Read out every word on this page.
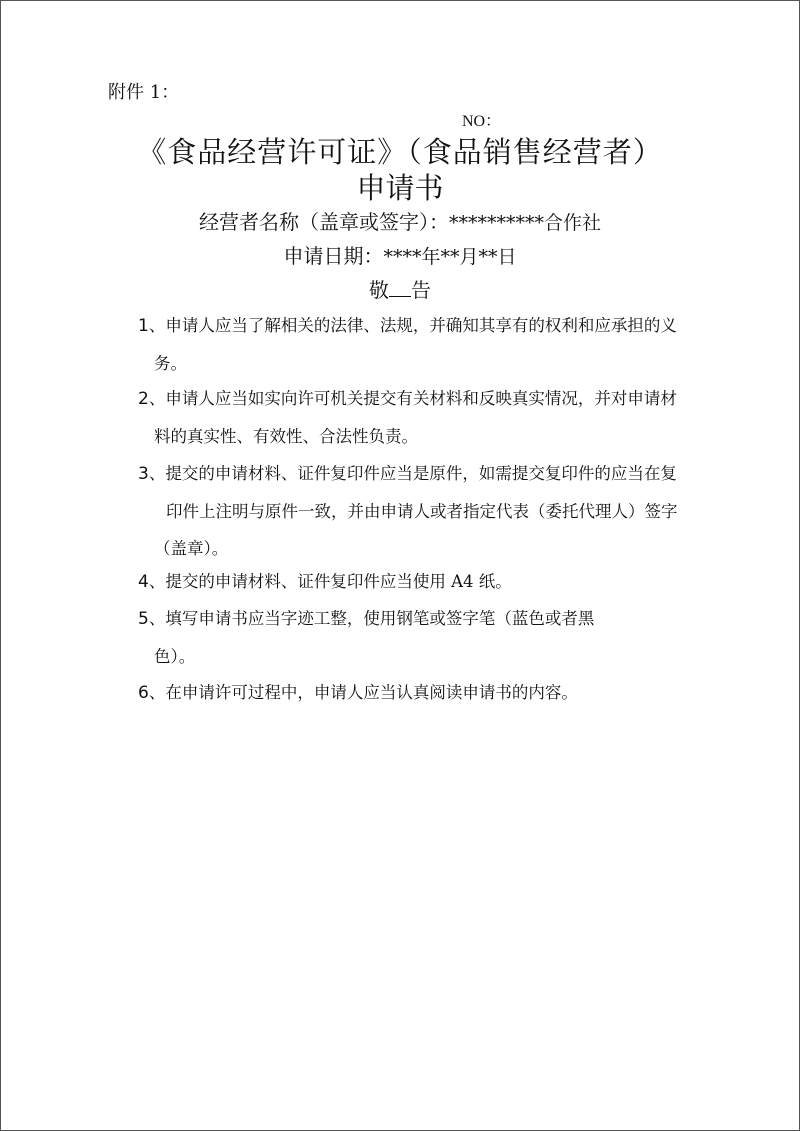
附件 1：
NO：
《食品经营许可证》（食品销售经营者）
申请书
经营者名称（盖章或签字）：**********合作社
申请日期：****年**月**日
敬 告
1、申请人应当了解相关的法律、法规，并确知其享有的权利和应承担的义
务。
2、申请人应当如实向许可机关提交有关材料和反映真实情况，并对申请材
料的真实性、有效性、合法性负责。
3、提交的申请材料、证件复印件应当是原件，如需提交复印件的应当在复
印件上注明与原件一致，并由申请人或者指定代表（委托代理人）签字
（盖章）。
4、提交的申请材料、证件复印件应当使用 A4 纸。
5、填写申请书应当字迹工整，使用钢笔或签字笔（蓝色或者黑
色）。
6、在申请许可过程中，申请人应当认真阅读申请书的内容。
